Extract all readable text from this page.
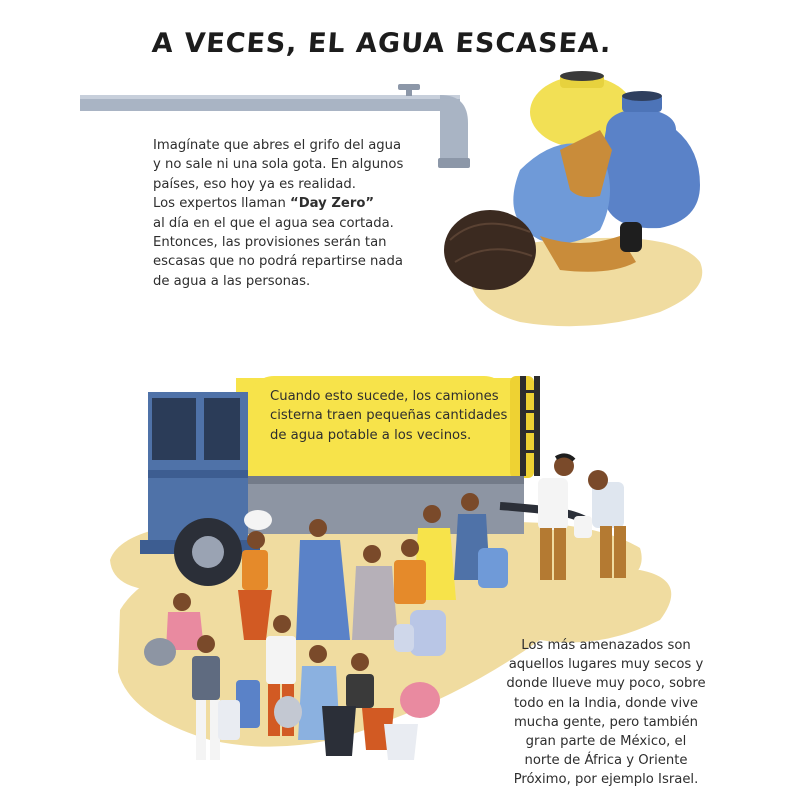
A VECES, EL AGUA ESCASEA.
Imagínate que abres el grifo del agua
y no sale ni una sola gota. En algunos
países, eso hoy ya es realidad.
Los expertos llaman “Day Zero”
al día en el que el agua sea cortada.
Entonces, las provisiones serán tan
escasas que no podrá repartirse nada
de agua a las personas.
Cuando esto sucede, los camiones
cisterna traen pequeñas cantidades
de agua potable a los vecinos.
Los más amenazados son
aquellos lugares muy secos y
donde llueve muy poco, sobre
todo en la India, donde vive
mucha gente, pero también
gran parte de México, el
norte de África y Oriente
Próximo, por ejemplo Israel.
